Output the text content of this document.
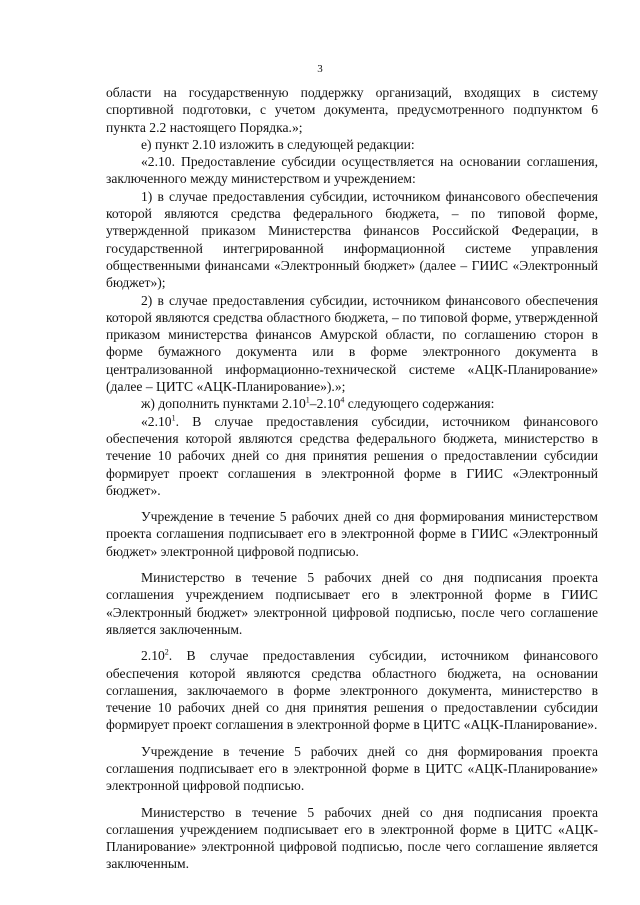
3

области на государственную поддержку организаций, входящих в систему спортивной подготовки, с учетом документа, предусмотренного подпунктом 6 пункта 2.2 настоящего Порядка.»;

е) пункт 2.10 изложить в следующей редакции:

«2.10. Предоставление субсидии осуществляется на основании соглашения, заключенного между министерством и учреждением:

1) в случае предоставления субсидии, источником финансового обеспечения которой являются средства федерального бюджета, – по типовой форме, утвержденной приказом Министерства финансов Российской Федерации, в государственной интегрированной информационной системе управления общественными финансами «Электронный бюджет» (далее – ГИИС «Электронный бюджет»);

2) в случае предоставления субсидии, источником финансового обеспечения которой являются средства областного бюджета, – по типовой форме, утвержденной приказом министерства финансов Амурской области, по соглашению сторон в форме бумажного документа или в форме электронного документа в централизованной информационно-технической системе «АЦК-Планирование» (далее – ЦИТС «АЦК-Планирование»).»;

ж) дополнить пунктами 2.10$^1$–2.10$^4$ следующего содержания:

«2.10$^1$. В случае предоставления субсидии, источником финансового обеспечения которой являются средства федерального бюджета, министерство в течение 10 рабочих дней со дня принятия решения о предоставлении субсидии формирует проект соглашения в электронной форме в ГИИС «Электронный бюджет».

Учреждение в течение 5 рабочих дней со дня формирования министерством проекта соглашения подписывает его в электронной форме в ГИИС «Электронный бюджет» электронной цифровой подписью.

Министерство в течение 5 рабочих дней со дня подписания проекта соглашения учреждением подписывает его в электронной форме в ГИИС «Электронный бюджет» электронной цифровой подписью, после чего соглашение является заключенным.

2.10$^2$. В случае предоставления субсидии, источником финансового обеспечения которой являются средства областного бюджета, на основании соглашения, заключаемого в форме электронного документа, министерство в течение 10 рабочих дней со дня принятия решения о предоставлении субсидии формирует проект соглашения в электронной форме в ЦИТС «АЦК-Планирование».

Учреждение в течение 5 рабочих дней со дня формирования проекта соглашения подписывает его в электронной форме в ЦИТС «АЦК-Планирование» электронной цифровой подписью.

Министерство в течение 5 рабочих дней со дня подписания проекта соглашения учреждением подписывает его в электронной форме в ЦИТС «АЦК-Планирование» электронной цифровой подписью, после чего соглашение является заключенным.
